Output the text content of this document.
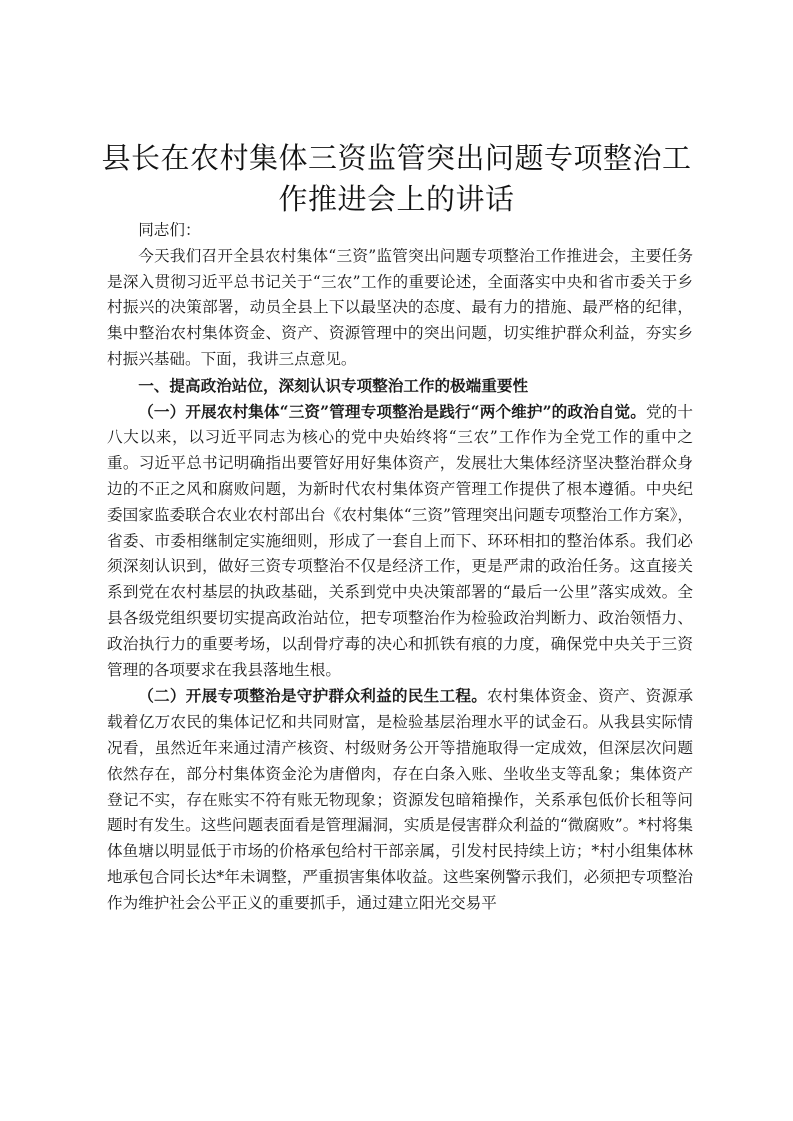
县长在农村集体三资监管突出问题专项整治工作推进会上的讲话

同志们：

今天我们召开全县农村集体“三资”监管突出问题专项整治工作推进会，主要任务是深入贯彻习近平总书记关于“三农”工作的重要论述，全面落实中央和省市委关于乡村振兴的决策部署，动员全县上下以最坚决的态度、最有力的措施、最严格的纪律，集中整治农村集体资金、资产、资源管理中的突出问题，切实维护群众利益，夯实乡村振兴基础。下面，我讲三点意见。

一、提高政治站位，深刻认识专项整治工作的极端重要性

（一）开展农村集体“三资”管理专项整治是践行“两个维护”的政治自觉。党的十八大以来，以习近平同志为核心的党中央始终将“三农”工作作为全党工作的重中之重。习近平总书记明确指出要管好用好集体资产，发展壮大集体经济坚决整治群众身边的不正之风和腐败问题，为新时代农村集体资产管理工作提供了根本遵循。中央纪委国家监委联合农业农村部出台《农村集体“三资”管理突出问题专项整治工作方案》，省委、市委相继制定实施细则，形成了一套自上而下、环环相扣的整治体系。我们必须深刻认识到，做好三资专项整治不仅是经济工作，更是严肃的政治任务。这直接关系到党在农村基层的执政基础，关系到党中央决策部署的“最后一公里”落实成效。全县各级党组织要切实提高政治站位，把专项整治作为检验政治判断力、政治领悟力、政治执行力的重要考场，以刮骨疗毒的决心和抓铁有痕的力度，确保党中央关于三资管理的各项要求在我县落地生根。

（二）开展专项整治是守护群众利益的民生工程。农村集体资金、资产、资源承载着亿万农民的集体记忆和共同财富，是检验基层治理水平的试金石。从我县实际情况看，虽然近年来通过清产核资、村级财务公开等措施取得一定成效，但深层次问题依然存在，部分村集体资金沦为唐僧肉，存在白条入账、坐收坐支等乱象；集体资产登记不实，存在账实不符有账无物现象；资源发包暗箱操作，关系承包低价长租等问题时有发生。这些问题表面看是管理漏洞，实质是侵害群众利益的“微腐败”。*村将集体鱼塘以明显低于市场的价格承包给村干部亲属，引发村民持续上访；*村小组集体林地承包合同长达*年未调整，严重损害集体收益。这些案例警示我们，必须把专项整治作为维护社会公平正义的重要抓手，通过建立阳光交易平
